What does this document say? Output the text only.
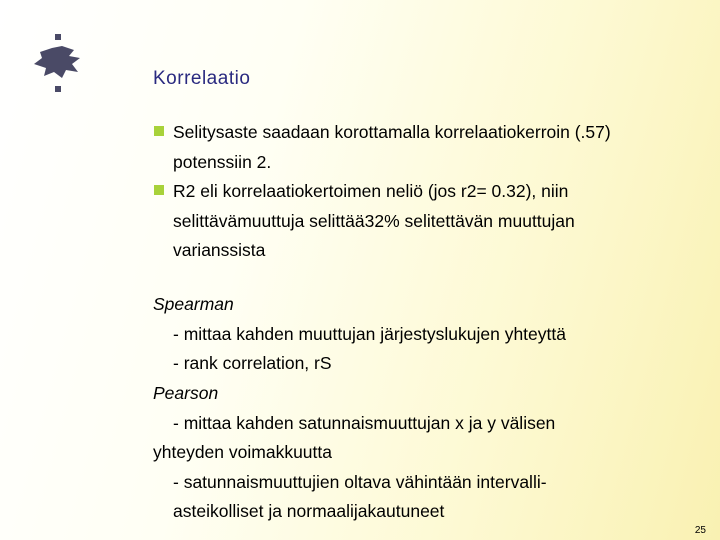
Korrelaatio
Selitysaste saadaan korottamalla korrelaatiokerroin (.57)
potenssiin 2.
R2 eli korrelaatiokertoimen neliö (jos r2= 0.32), niin
selittävämuuttuja selittää32% selitettävän muuttujan
varianssista
Spearman
- mittaa kahden muuttujan järjestyslukujen yhteyttä
- rank correlation, rS
Pearson
- mittaa kahden satunnaismuuttujan x ja y välisen
yhteyden voimakkuutta
- satunnaismuuttujien oltava vähintään intervalli-
asteikolliset ja normaalijakautuneet
25
